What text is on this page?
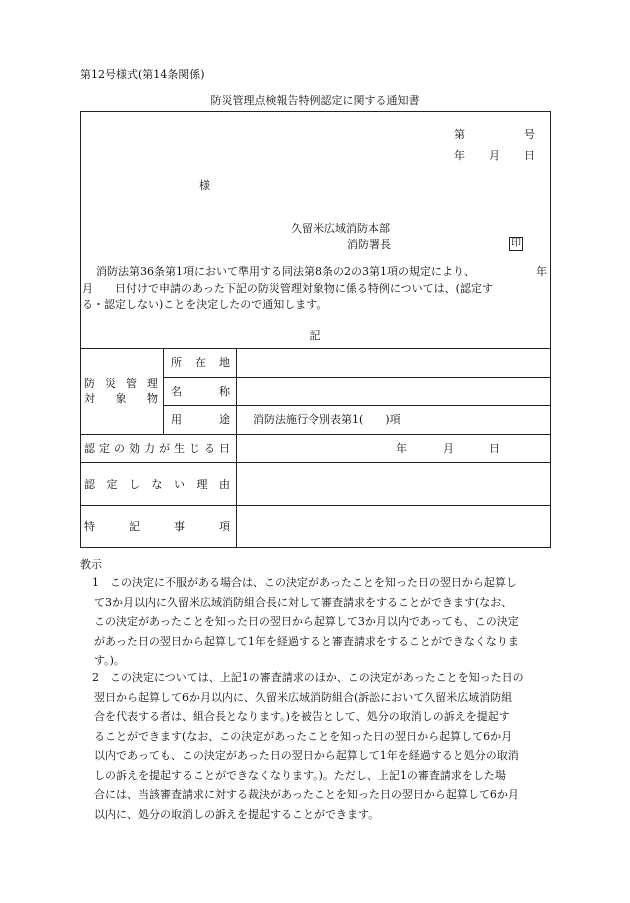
第12号様式(第14条関係)
防災管理点検報告特例認定に関する通知書
第	号
年 月 日
様
久留米広域消防本部
消防署長	印
消防法第36条第1項において準用する同法第8条の2の3第1項の規定により、	年
月　　日付けで申請のあった下記の防災管理対象物に係る特例については、(認定す
る・認定しない)ことを決定したので通知します。
記
防 災 管 理
対 象 物
所 在 地
名	称
用	途 消防法施行令別表第1(　　)項
認 定 の 効 力 が 生 じ る 日	年	月	日
認 定 し な い 理 由
特	記	事	項
教示
1　この決定に不服がある場合は、この決定があったことを知った日の翌日から起算し
て3か月以内に久留米広域消防組合長に対して審査請求をすることができます(なお、
この決定があったことを知った日の翌日から起算して3か月以内であっても、この決定
があった日の翌日から起算して1年を経過すると審査請求をすることができなくなりま
す。)。
2　この決定については、上記1の審査請求のほか、この決定があったことを知った日の
翌日から起算して6か月以内に、久留米広域消防組合(訴訟において久留米広域消防組
合を代表する者は、組合長となります。)を被告として、処分の取消しの訴えを提起す
ることができます(なお、この決定があったことを知った日の翌日から起算して6か月
以内であっても、この決定があった日の翌日から起算して1年を経過すると処分の取消
しの訴えを提起することができなくなります。)。ただし、上記1の審査請求をした場
合には、当該審査請求に対する裁決があったことを知った日の翌日から起算して6か月
以内に、処分の取消しの訴えを提起することができます。
